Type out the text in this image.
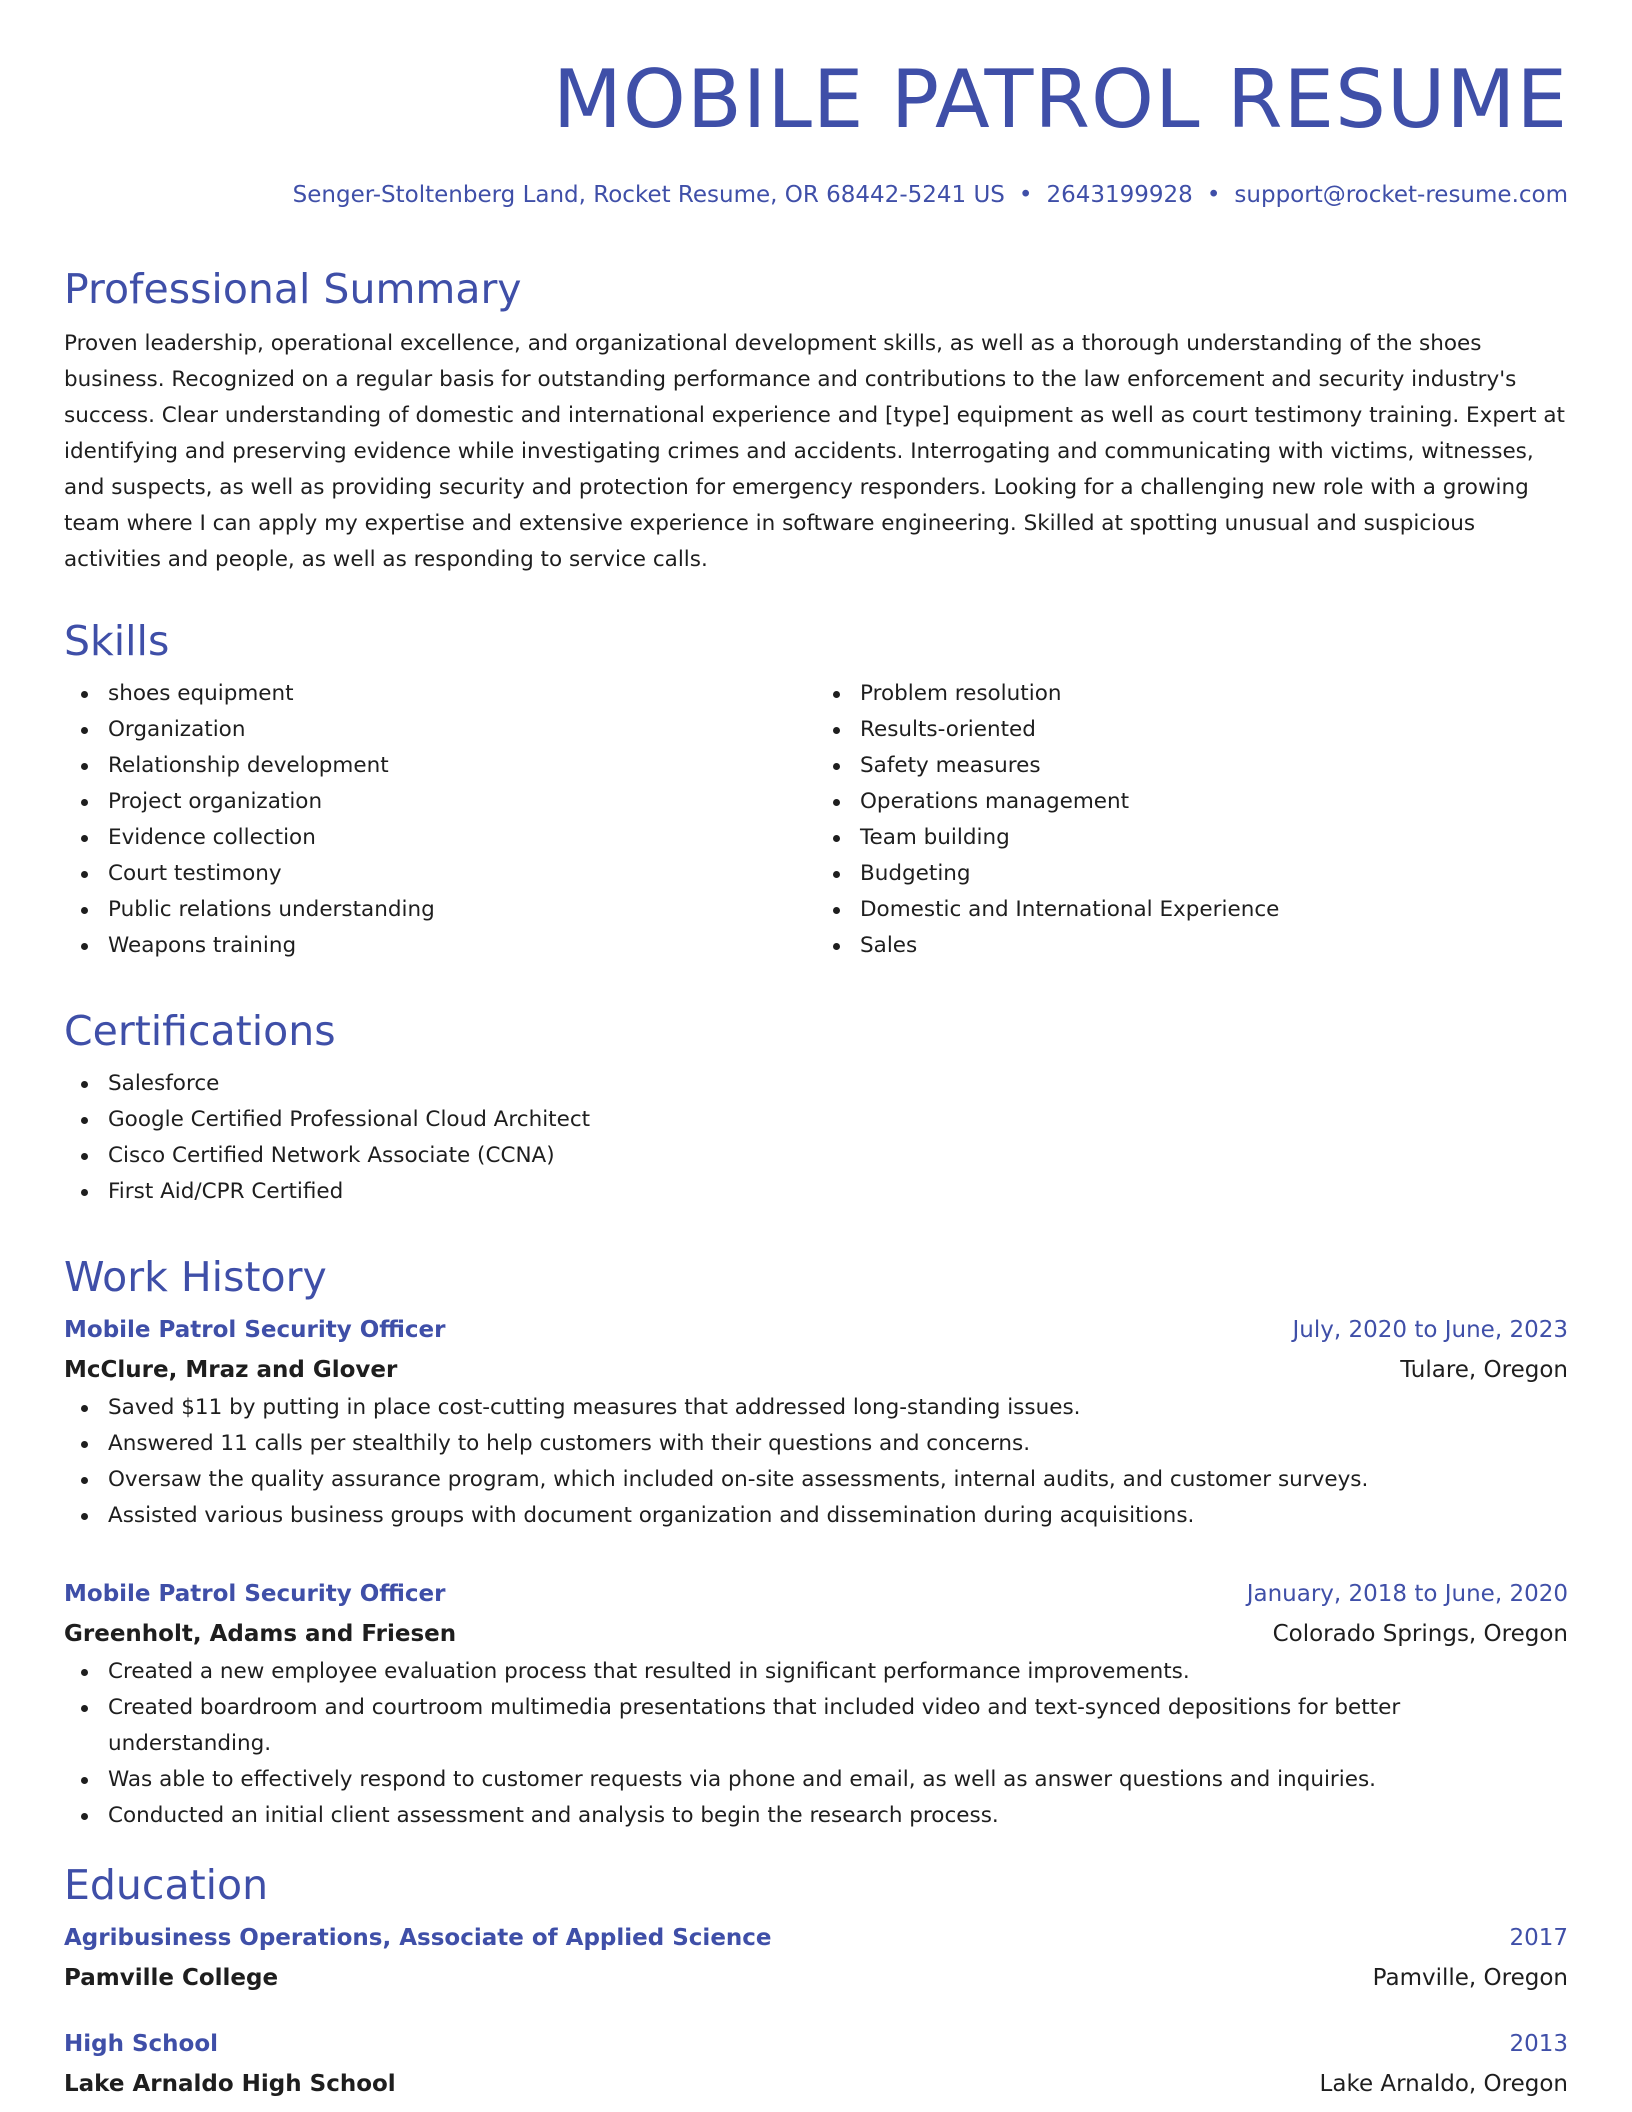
MOBILE PATROL RESUME
Senger-Stoltenberg Land, Rocket Resume, OR 68442-5241 US • 2643199928 • support@rocket-resume.com
Professional Summary

Proven leadership, operational excellence, and organizational development skills, as well as a thorough understanding of the shoes business. Recognized on a regular basis for outstanding performance and contributions to the law enforcement and security industry's success. Clear understanding of domestic and international experience and [type] equipment as well as court testimony training. Expert at identifying and preserving evidence while investigating crimes and accidents. Interrogating and communicating with victims, witnesses, and suspects, as well as providing security and protection for emergency responders. Looking for a challenging new role with a growing team where I can apply my expertise and extensive experience in software engineering. Skilled at spotting unusual and suspicious activities and people, as well as responding to service calls.

Skills
shoes equipment
Organization
Relationship development
Project organization
Evidence collection
Court testimony
Public relations understanding
Weapons training
Problem resolution
Results-oriented
Safety measures
Operations management
Team building
Budgeting
Domestic and International Experience
Sales
Certifications
Salesforce
Google Certified Professional Cloud Architect
Cisco Certified Network Associate (CCNA)
First Aid/CPR Certified
Work History
Mobile Patrol Security Officer	July, 2020 to June, 2023
McClure, Mraz and Glover	Tulare, Oregon
Saved $11 by putting in place cost-cutting measures that addressed long-standing issues.
Answered 11 calls per stealthily to help customers with their questions and concerns.
Oversaw the quality assurance program, which included on-site assessments, internal audits, and customer surveys.
Assisted various business groups with document organization and dissemination during acquisitions.
Mobile Patrol Security Officer	January, 2018 to June, 2020
Greenholt, Adams and Friesen	Colorado Springs, Oregon
Created a new employee evaluation process that resulted in significant performance improvements.
Created boardroom and courtroom multimedia presentations that included video and text-synced depositions for better understanding.
Was able to effectively respond to customer requests via phone and email, as well as answer questions and inquiries.
Conducted an initial client assessment and analysis to begin the research process.
Education
Agribusiness Operations, Associate of Applied Science	2017
Pamville College	Pamville, Oregon
High School	2013
Lake Arnaldo High School	Lake Arnaldo, Oregon
